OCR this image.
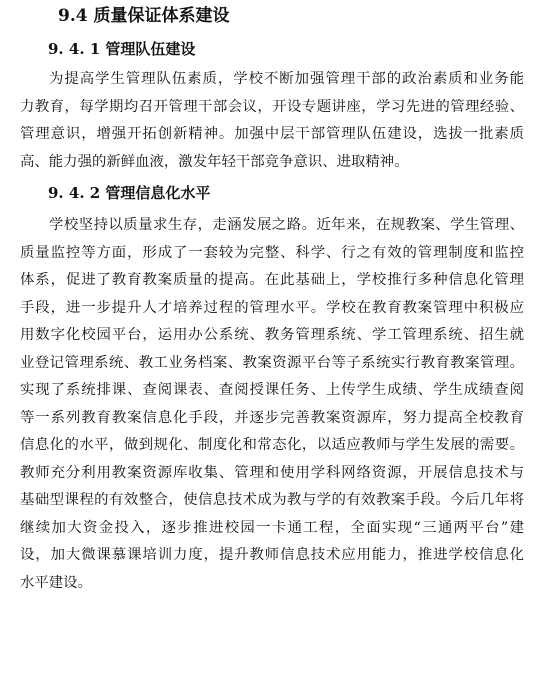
9.4 质量保证体系建设
9. 4. 1 管理队伍建设
为提高学生管理队伍素质，学校不断加强管理干部的政治素质和业务能
力教育，每学期均召开管理干部会议，开设专题讲座，学习先进的管理经验、
管理意识，增强开拓创新精神。加强中层干部管理队伍建设，选拔一批素质
高、能力强的新鲜血液，激发年轻干部竞争意识、进取精神。
9. 4. 2 管理信息化水平
学校坚持以质量求生存，走涵发展之路。近年来，在规教案、学生管理、
质量监控等方面，形成了一套较为完整、科学、行之有效的管理制度和监控
体系，促进了教育教案质量的提高。在此基础上，学校推行多种信息化管理
手段，进一步提升人才培养过程的管理水平。学校在教育教案管理中积极应
用数字化校园平台，运用办公系统、教务管理系统、学工管理系统、招生就
业登记管理系统、教工业务档案、教案资源平台等子系统实行教育教案管理。
实现了系统排课、查阅课表、查阅授课任务、上传学生成绩、学生成绩查阅
等一系列教育教案信息化手段，并逐步完善教案资源库，努力提高全校教育
信息化的水平，做到规化、制度化和常态化，以适应教师与学生发展的需要。
教师充分利用教案资源库收集、管理和使用学科网络资源，开展信息技术与
基础型课程的有效整合，使信息技术成为教与学的有效教案手段。今后几年将
继续加大资金投入，逐步推进校园一卡通工程，全面实现“三通两平台”建
设，加大微课慕课培训力度，提升教师信息技术应用能力，推进学校信息化
水平建设。
